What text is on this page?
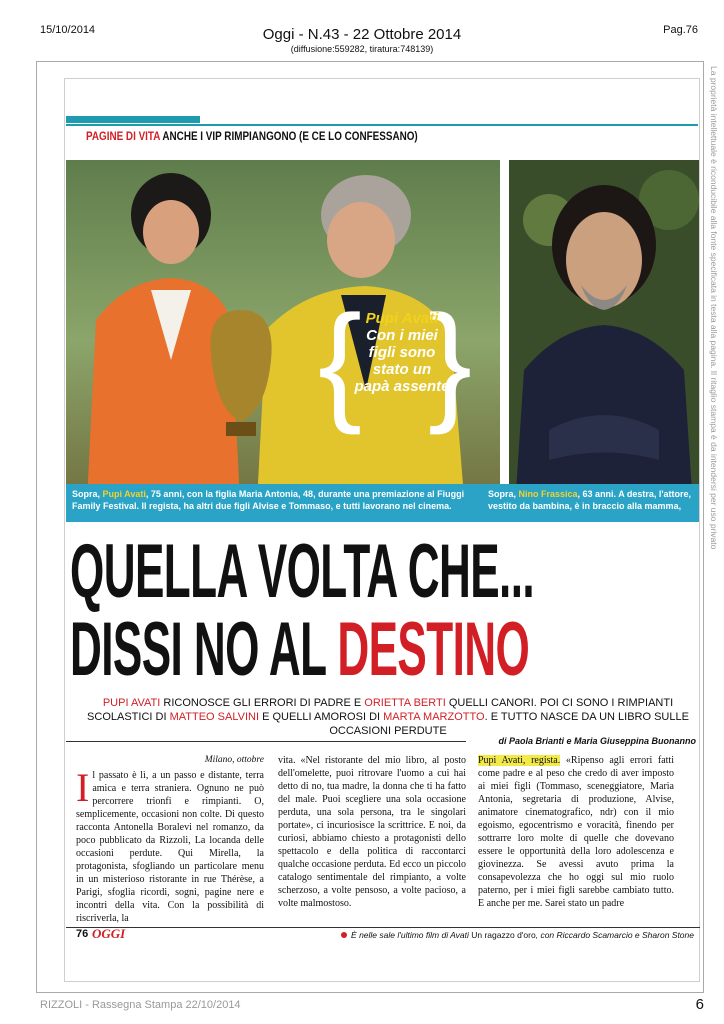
15/10/2014	Oggi - N.43 - 22 Ottobre 2014
(diffusione:559282, tiratura:748139)
Pag.76
La proprietà intellettuale è riconducibile alla fonte specificata in testa alla pagina. Il ritaglio stampa è da intendersi per uso privato
PAGINE DI VITA ANCHE I VIP RIMPIANGONO (E CE LO CONFESSANO)
{ }
Pupi Avati
Con i miei figli sono stato un papà assente
Sopra, Pupi Avati, 75 anni, con la figlia Maria Antonia, 48, durante una premiazione al Fiuggi Family Festival. Il regista, ha altri due figli Alvise e Tommaso, e tutti lavorano nel cinema.
Sopra, Nino Frassica, 63 anni. A destra, l'attore, vestito da bambina, è in braccio alla mamma,
QUELLA VOLTA CHE...
DISSI NO AL DESTINO
PUPI AVATI RICONOSCE GLI ERRORI DI PADRE E ORIETTA BERTI QUELLI CANORI. POI CI SONO I RIMPIANTI SCOLASTICI DI MATTEO SALVINI E QUELLI AMOROSI DI MARTA MARZOTTO. E TUTTO NASCE DA UN LIBRO SULLE OCCASIONI PERDUTE
di Paola Brianti e Maria Giuseppina Buonanno
Milano, ottobre

Il passato è lì, a un passo e distante, terra amica e terra straniera. Ognuno ne può percorrere trionfi e rimpianti. O, semplicemente, occasioni non colte. Di questo racconta Antonella Boralevi nel romanzo, da poco pubblicato da Rizzoli, La locanda delle occasioni perdute. Qui Mirella, la protagonista, sfogliando un particolare menu in un misterioso ristorante in rue Thérèse, a Parigi, sfoglia ricordi, sogni, pagine nere e incontri della vita. Con la possibilità di riscriverla, la

vita. «Nel ristorante del mio libro, al posto dell'omelette, puoi ritrovare l'uomo a cui hai detto di no, tua madre, la donna che ti ha fatto del male. Puoi scegliere una sola occasione perduta, una sola persona, tra le singolari portate», ci incuriosisce la scrittrice. E noi, da curiosi, abbiamo chiesto a protagonisti dello spettacolo e della politica di raccontarci qualche occasione perduta. Ed ecco un piccolo catalogo sentimentale del rimpianto, a volte scherzoso, a volte pensoso, a volte pacioso, a volte malmostoso.

Pupi Avati, regista. «Ripenso agli errori fatti come padre e al peso che credo di aver imposto ai miei figli (Tommaso, sceneggiatore, Maria Antonia, segretaria di produzione, Alvise, animatore cinematografico, ndr) con il mio egoismo, egocentrismo e voracità, finendo per sottrarre loro molte di quelle che dovevano essere le opportunità della loro adolescenza e giovinezza. Se avessi avuto prima la consapevolezza che ho oggi sul mio ruolo paterno, per i miei figli sarebbe cambiato tutto. E anche per me. Sarei stato un padre

76 OGGI	È nelle sale l'ultimo film di Avati Un ragazzo d'oro, con Riccardo Scamarcio e Sharon Stone
RIZZOLI - Rassegna Stampa 22/10/2014	6
